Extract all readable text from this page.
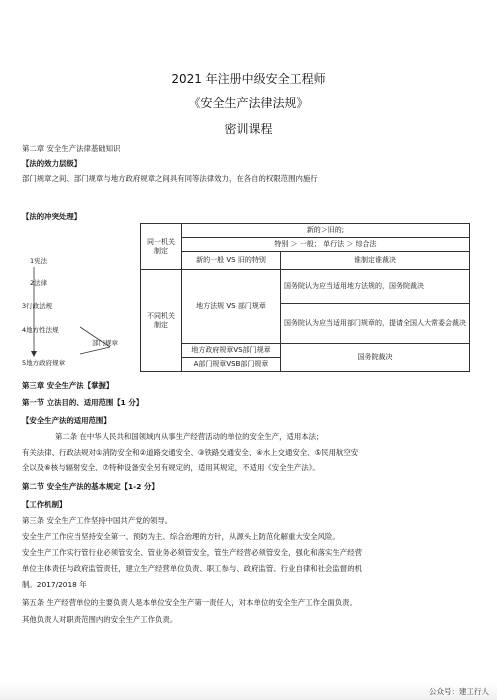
2021 年注册中级安全工程师
《安全生产法律法规》
密训课程
第二章 安全生产法律基础知识
【法的效力层级】
部门规章之间、部门规章与地方政府规章之间具有同等法律效力，在各自的权限范围内施行
【法的冲突处理】
1宪法
2法律
3行政法规
4地方性法规
部门规章
5地方政府规章
同一机关制定	新的＞旧的;	
	特别 ＞ 一般； 单行法 ＞ 综合法	
	新的一般 VS 旧的特别	谁制定谁裁决
不同机关制定	地方法规 VS 部门规章	国务院认为应当适用地方法规的，国务院裁决
		国务院认为应当适用部门规章的，提请全国人大常委会裁决
	地方政府规章VS部门规章	国务院裁决
	A部门规章VSB部门规章	
第三章 安全生产法【掌握】
第一节 立法目的、适用范围【1 分】
【安全生产法的适用范围】
第二条 在中华人民共和国领域内从事生产经营活动的单位的安全生产，适用本法；
有关法律、行政法规对①消防安全和②道路交通安全、③铁路交通安全、④水上交通安全、⑤民用航空安
全以及⑥核与辐射安全、⑦特种设备安全另有规定的，适用其规定，不适用《安全生产法》。
第二节 安全生产法的基本规定【1-2 分】
【工作机制】
第三条 安全生产工作坚持中国共产党的领导。
安全生产工作应当坚持安全第一、预防为主、综合治理的方针，从源头上防范化解重大安全风险。
安全生产工作实行管行业必须管安全、管业务必须管安全，管生产经营必须管安全，强化和落实生产经营
单位主体责任与政府监管责任，建立生产经营单位负责、职工参与、政府监管、行业自律和社会监督的机
制。2017/2018 年
第五条 生产经营单位的主要负责人是本单位安全生产第一责任人，对本单位的安全生产工作全面负责。
其他负责人对职责范围内的安全生产工作负责。
公众号：建工行人
